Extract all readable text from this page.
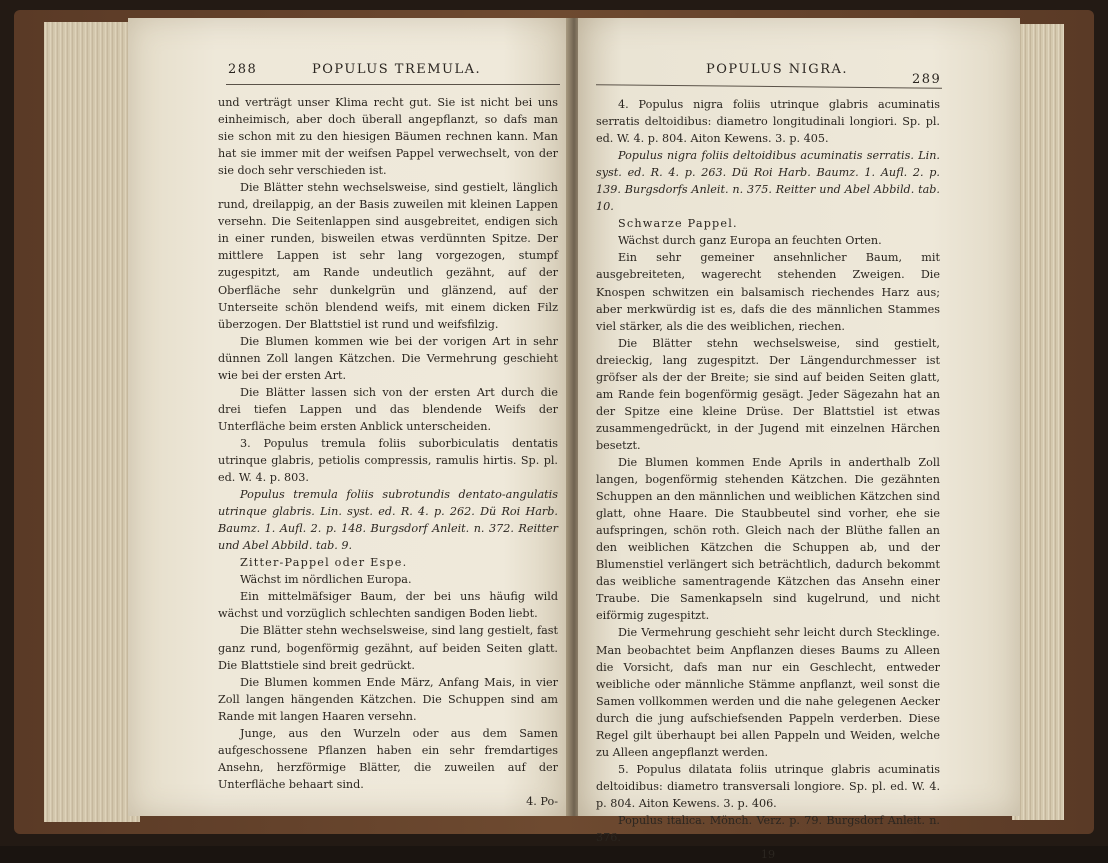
288	POPULUS TREMULA.

und verträgt unser Klima recht gut. Sie ist nicht bei uns einheimisch, aber doch überall angepflanzt, so dafs man sie schon mit zu den hiesigen Bäumen rechnen kann. Man hat sie immer mit der weifsen Pappel verwechselt, von der sie doch sehr verschieden ist.

Die Blätter stehn wechselsweise, sind gestielt, länglich rund, dreilappig, an der Basis zuweilen mit kleinen Lappen versehn. Die Seitenlappen sind ausgebreitet, endigen sich in einer runden, bisweilen etwas verdünnten Spitze. Der mittlere Lappen ist sehr lang vorgezogen, stumpf zugespitzt, am Rande undeutlich gezähnt, auf der Oberfläche sehr dunkelgrün und glänzend, auf der Unterseite schön blendend weifs, mit einem dicken Filz überzogen. Der Blattstiel ist rund und weifsfilzig.

Die Blumen kommen wie bei der vorigen Art in sehr dünnen Zoll langen Kätzchen. Die Vermehrung geschieht wie bei der ersten Art.

Die Blätter lassen sich von der ersten Art durch die drei tiefen Lappen und das blendende Weifs der Unterfläche beim ersten Anblick unterscheiden.

3. Populus tremula foliis suborbiculatis dentatis utrinque glabris, petiolis compressis, ramulis hirtis. Sp. pl. ed. W. 4. p. 803.

Populus tremula foliis subrotundis dentato-angulatis utrinque glabris. Lin. syst. ed. R. 4. p. 262. Dü Roi Harb. Baumz. 1. Aufl. 2. p. 148. Burgsdorf Anleit. n. 372. Reitter und Abel Abbild. tab. 9.

Zitter-Pappel oder Espe.

Wächst im nördlichen Europa.

Ein mittelmäfsiger Baum, der bei uns häufig wild wächst und vorzüglich schlechten sandigen Boden liebt.

Die Blätter stehn wechselsweise, sind lang gestielt, fast ganz rund, bogenförmig gezähnt, auf beiden Seiten glatt. Die Blattstiele sind breit gedrückt.

Die Blumen kommen Ende März, Anfang Mais, in vier Zoll langen hängenden Kätzchen. Die Schuppen sind am Rande mit langen Haaren versehn.

Junge, aus den Wurzeln oder aus dem Samen aufgeschossene Pflanzen haben ein sehr fremdartiges Ansehn, herzförmige Blätter, die zuweilen auf der Unterfläche behaart sind.

4. Po-

POPULUS NIGRA.
289

4. Populus nigra foliis utrinque glabris acuminatis serratis deltoidibus: diametro longitudinali longiori. Sp. pl. ed. W. 4. p. 804. Aiton Kewens. 3. p. 405.

Populus nigra foliis deltoidibus acuminatis serratis. Lin. syst. ed. R. 4. p. 263. Dü Roi Harb. Baumz. 1. Aufl. 2. p. 139. Burgsdorfs Anleit. n. 375. Reitter und Abel Abbild. tab. 10.

Schwarze Pappel.

Wächst durch ganz Europa an feuchten Orten.

Ein sehr gemeiner ansehnlicher Baum, mit ausgebreiteten, wagerecht stehenden Zweigen. Die Knospen schwitzen ein balsamisch riechendes Harz aus; aber merkwürdig ist es, dafs die des männlichen Stammes viel stärker, als die des weiblichen, riechen.

Die Blätter stehn wechselsweise, sind gestielt, dreieckig, lang zugespitzt. Der Längendurchmesser ist gröfser als der der Breite; sie sind auf beiden Seiten glatt, am Rande fein bogenförmig gesägt. Jeder Sägezahn hat an der Spitze eine kleine Drüse. Der Blattstiel ist etwas zusammengedrückt, in der Jugend mit einzelnen Härchen besetzt.

Die Blumen kommen Ende Aprils in anderthalb Zoll langen, bogenförmig stehenden Kätzchen. Die gezähnten Schuppen an den männlichen und weiblichen Kätzchen sind glatt, ohne Haare. Die Staubbeutel sind vorher, ehe sie aufspringen, schön roth. Gleich nach der Blüthe fallen an den weiblichen Kätzchen die Schuppen ab, und der Blumenstiel verlängert sich beträchtlich, dadurch bekommt das weibliche samentragende Kätzchen das Ansehn einer Traube. Die Samenkapseln sind kugelrund, und nicht eiförmig zugespitzt.

Die Vermehrung geschieht sehr leicht durch Stecklinge. Man beobachtet beim Anpflanzen dieses Baums zu Alleen die Vorsicht, dafs man nur ein Geschlecht, entweder weibliche oder männliche Stämme anpflanzt, weil sonst die Samen vollkommen werden und die nahe gelegenen Aecker durch die jung aufschiefsenden Pappeln verderben. Diese Regel gilt überhaupt bei allen Pappeln und Weiden, welche zu Alleen angepflanzt werden.

5. Populus dilatata foliis utrinque glabris acuminatis deltoidibus: diametro transversali longiore. Sp. pl. ed. W. 4. p. 804. Aiton Kewens. 3. p. 406.

Populus italica. Mönch. Verz. p. 79. Burgsdorf Anleit. n. 376.

19
